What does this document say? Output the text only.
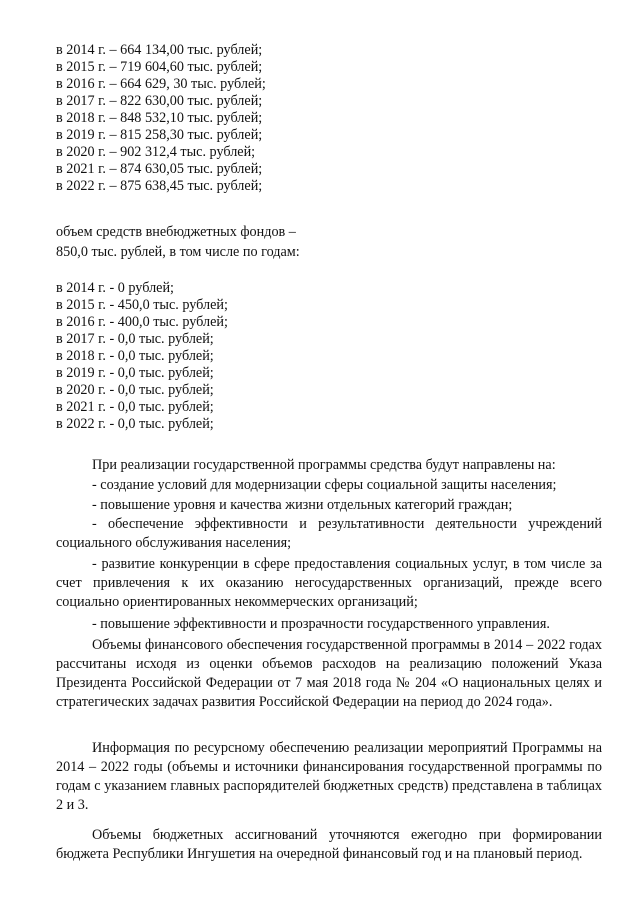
в 2014 г. – 664 134,00 тыс. рублей;
в 2015 г. – 719 604,60 тыс. рублей;
в 2016 г. – 664 629, 30 тыс. рублей;
в 2017 г. – 822 630,00 тыс. рублей;
в 2018 г. – 848 532,10 тыс. рублей;
в 2019 г. – 815 258,30 тыс. рублей;
в 2020 г. – 902 312,4 тыс. рублей;
в 2021 г. – 874 630,05 тыс. рублей;
в 2022 г. – 875 638,45 тыс. рублей;

объем средств внебюджетных фондов –

850,0 тыс. рублей, в том числе по годам:

в 2014 г. - 0 рублей;
в 2015 г. - 450,0 тыс. рублей;
в 2016 г. - 400,0 тыс. рублей;
в 2017 г. - 0,0 тыс. рублей;
в 2018 г. - 0,0 тыс. рублей;
в 2019 г. - 0,0 тыс. рублей;
в 2020 г. - 0,0 тыс. рублей;
в 2021 г. - 0,0 тыс. рублей;
в 2022 г. - 0,0 тыс. рублей;

При реализации государственной программы средства будут направлены на:

- создание условий для модернизации сферы социальной защиты населения;

- повышение уровня и качества жизни отдельных категорий граждан;

- обеспечение эффективности и результативности деятельности учреждений социального обслуживания населения;

- развитие конкуренции в сфере предоставления социальных услуг, в том числе за счет привлечения к их оказанию негосударственных организаций, прежде всего социально ориентированных некоммерческих организаций;

- повышение эффективности и прозрачности государственного управления.

Объемы финансового обеспечения государственной программы в 2014 – 2022 годах рассчитаны исходя из оценки объемов расходов на реализацию положений Указа Президента Российской Федерации от 7 мая 2018 года № 204 «О национальных целях и стратегических задачах развития Российской Федерации на период до 2024 года».

Информация по ресурсному обеспечению реализации мероприятий Программы на 2014 – 2022 годы (объемы и источники финансирования государственной программы по годам с указанием главных распорядителей бюджетных средств) представлена в таблицах 2 и 3.

Объемы бюджетных ассигнований уточняются ежегодно при формировании бюджета Республики Ингушетия на очередной финансовый год и на плановый период.
